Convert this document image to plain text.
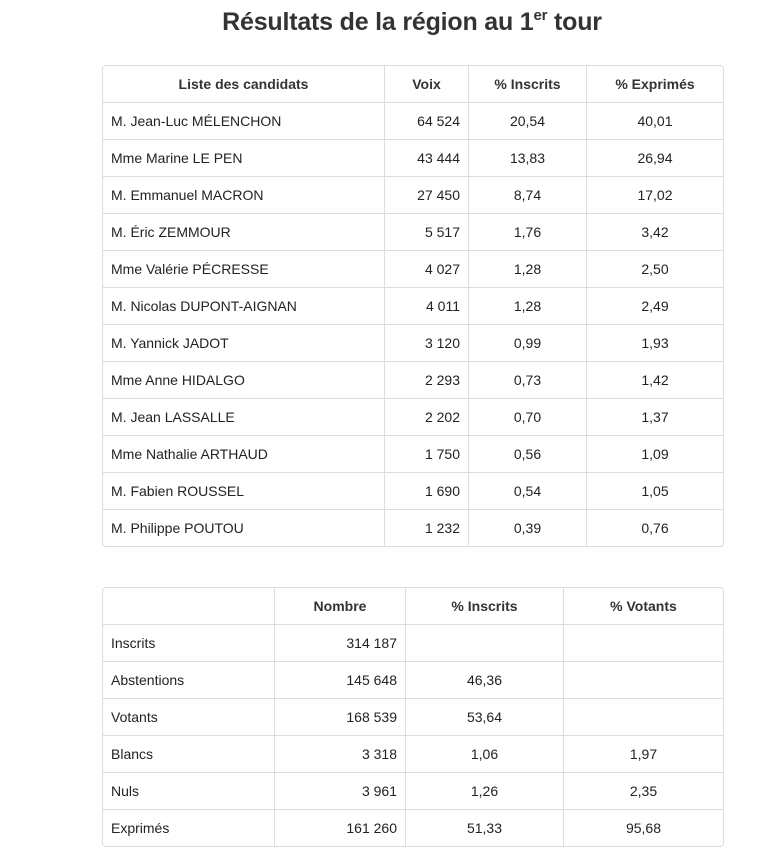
Résultats de la région au 1er tour
Liste des candidats	Voix	% Inscrits	% Exprimés
M. Jean-Luc MÉLENCHON	64 524	20,54	40,01
Mme Marine LE PEN	43 444	13,83	26,94
M. Emmanuel MACRON	27 450	8,74	17,02
M. Éric ZEMMOUR	5 517	1,76	3,42
Mme Valérie PÉCRESSE	4 027	1,28	2,50
M. Nicolas DUPONT-AIGNAN	4 011	1,28	2,49
M. Yannick JADOT	3 120	0,99	1,93
Mme Anne HIDALGO	2 293	0,73	1,42
M. Jean LASSALLE	2 202	0,70	1,37
Mme Nathalie ARTHAUD	1 750	0,56	1,09
M. Fabien ROUSSEL	1 690	0,54	1,05
M. Philippe POUTOU	1 232	0,39	0,76
	Nombre	% Inscrits	% Votants
Inscrits	314 187		
Abstentions	145 648	46,36	
Votants	168 539	53,64	
Blancs	3 318	1,06	1,97
Nuls	3 961	1,26	2,35
Exprimés	161 260	51,33	95,68
